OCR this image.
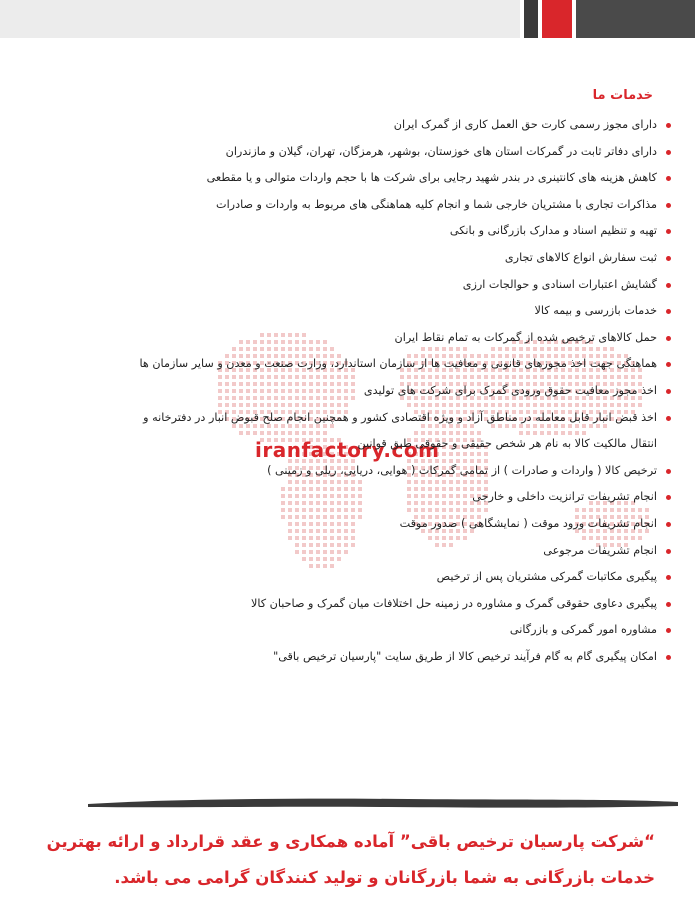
iranfactory.com
خدمات ما
دارای مجوز رسمی کارت حق العمل کاری از گمرک ایران
دارای دفاتر ثابت در گمرکات استان های خوزستان، بوشهر، هرمزگان، تهران، گیلان و مازندران
کاهش هزینه های کانتینری در بندر شهید رجایی برای شرکت ها با حجم واردات متوالی و یا مقطعی
مذاکرات تجاری با مشتریان خارجی شما و انجام کلیه هماهنگی های مربوط به واردات و صادرات
تهیه و تنظیم اسناد و مدارک بازرگانی و بانکی
ثبت سفارش انواع کالاهای تجاری
گشایش اعتبارات اسنادی و حوالجات ارزی
خدمات بازرسی و بیمه کالا
حمل کالاهای ترخیص شده از گمرکات به تمام نقاط ایران
هماهنگی جهت اخذ مجوزهای قانونی و معافیت ها از سازمان استاندارد، وزارت صنعت و معدن و سایر سازمان ها
اخذ مجوز معافیت حقوق ورودی گمرک برای شرکت های تولیدی
اخذ قبض انبار قابل معامله در مناطق آزاد و ویژه اقتصادی کشور و همچنین انجام صلح قبوض انبار در دفترخانه و
انتقال مالکیت کالا به نام هر شخص حقیقی و حقوقی طبق قوانین
ترخیص کالا ( واردات و صادرات ) از تمامی گمرکات ( هوایی، دریایی، ریلی و زمینی )
انجام تشریفات ترانزیت داخلی و خارجی
انجام تشریفات ورود موقت ( نمایشگاهی ) صدور موقت
انجام تشریفات مرجوعی
پیگیری مکاتبات گمرکی مشتریان پس از ترخیص
پیگیری دعاوی حقوقی گمرک و مشاوره در زمینه حل اختلافات میان گمرک و صاحبان کالا
مشاوره امور گمرکی و بازرگانی
امکان پیگیری گام به گام فرآیند ترخیص کالا از طریق سایت "پارسیان ترخیص باقی"
“شرکت پارسیان ترخیص باقی” آماده همکاری و عقد قرارداد و ارائه بهترین
خدمات بازرگانی به شما بازرگانان و تولید کنندگان گرامی می باشد.
